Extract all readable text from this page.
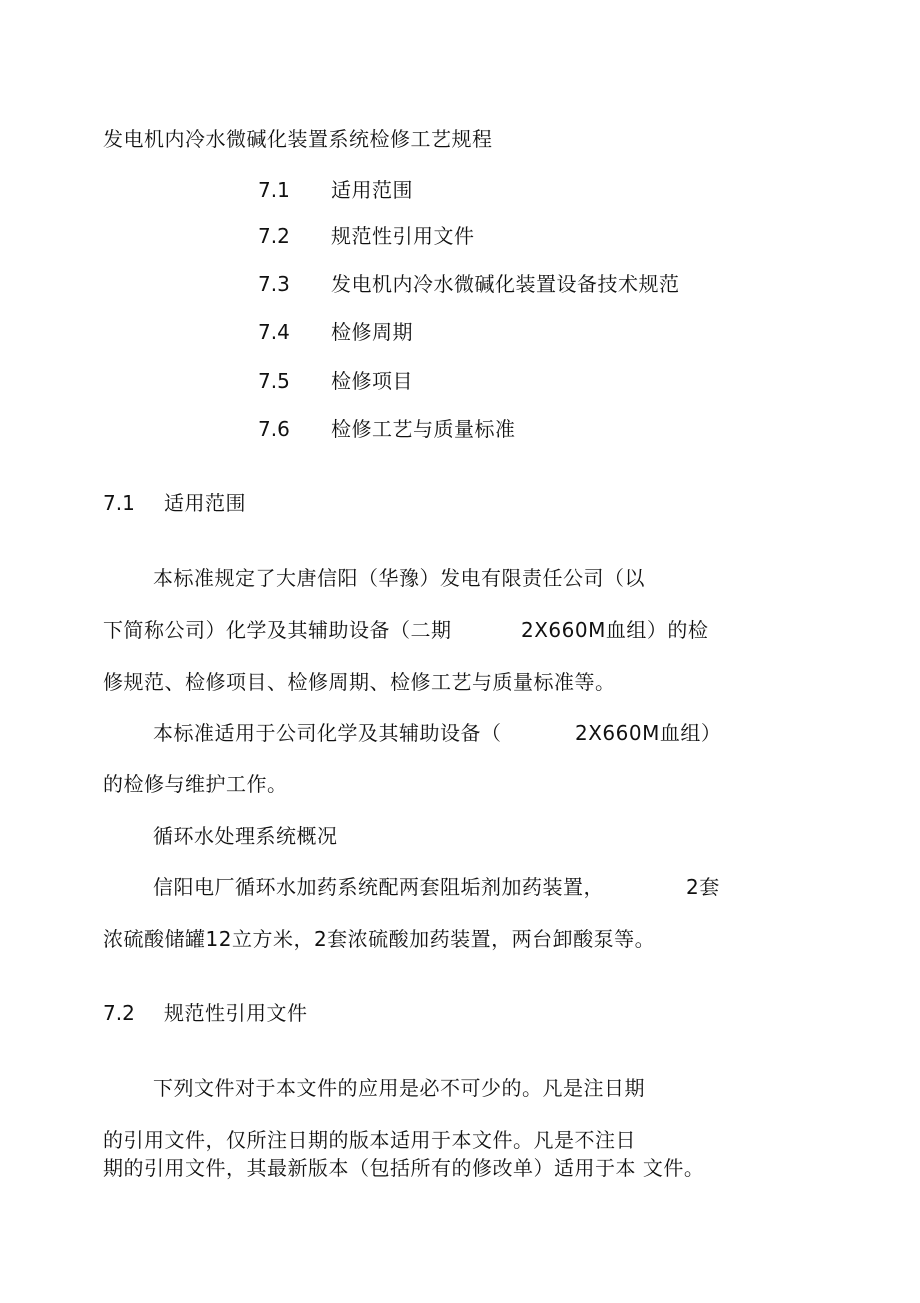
发电机内冷水微碱化装置系统检修工艺规程
7.1 适用范围
7.2 规范性引用文件
7.3 发电机内冷水微碱化装置设备技术规范
7.4 检修周期
7.5 检修项目
7.6 检修工艺与质量标准
7.1 适用范围
本标准规定了大唐信阳（华豫）发电有限责任公司（以
下简称公司）化学及其辅助设备（二期	2X660M血组）的检
修规范、检修项目、检修周期、检修工艺与质量标准等。
本标准适用于公司化学及其辅助设备（	2X660M血组）
的检修与维护工作。
循环水处理系统概况
信阳电厂循环水加药系统配两套阻垢剂加药装置，	2套
浓硫酸储罐12立方米，2套浓硫酸加药装置，两台卸酸泵等。
7.2 规范性引用文件
下列文件对于本文件的应用是必不可少的。凡是注日期
的引用文件，仅所注日期的版本适用于本文件。凡是不注日
期的引用文件，其最新版本（包括所有的修改单）适用于本 文件。
